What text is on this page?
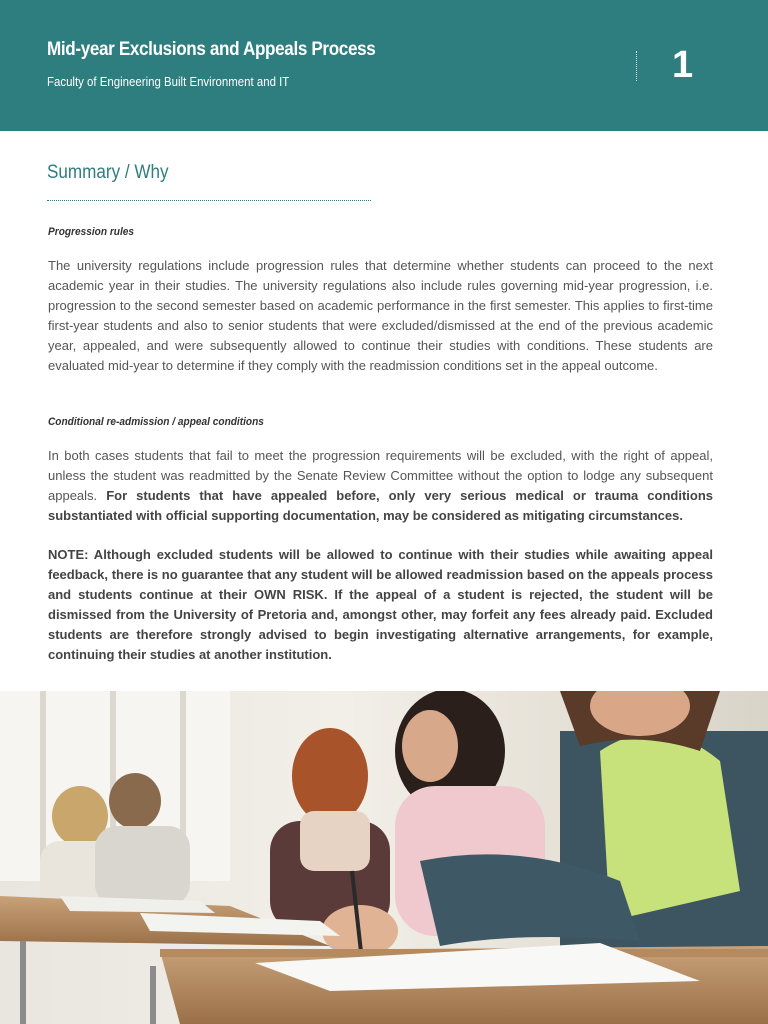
Mid-year Exclusions and Appeals Process
Faculty of Engineering Built Environment and IT	1
Summary / Why
Progression rules

The university regulations include progression rules that determine whether students can proceed to the next academic year in their studies. The university regulations also include rules governing mid-year progression, i.e. progression to the second semester based on academic performance in the first semester. This applies to first-time first-year students and also to senior students that were excluded/dismissed at the end of the previous academic year, appealed, and were subsequently allowed to continue their studies with conditions. These students are evaluated mid-year to determine if they comply with the readmission conditions set in the appeal outcome.

Conditional re-admission / appeal conditions

In both cases students that fail to meet the progression requirements will be excluded, with the right of appeal, unless the student was readmitted by the Senate Review Committee without the option to lodge any subsequent appeals. For students that have appealed before, only very serious medical or trauma conditions substantiated with official supporting documentation, may be considered as mitigating circumstances.

NOTE: Although excluded students will be allowed to continue with their studies while awaiting appeal feedback, there is no guarantee that any student will be allowed readmission based on the appeals process and students continue at their OWN RISK. If the appeal of a student is rejected, the student will be dismissed from the University of Pretoria and, amongst other, may forfeit any fees already paid. Excluded students are therefore strongly advised to begin investigating alternative arrangements, for example, continuing their studies at another institution.
